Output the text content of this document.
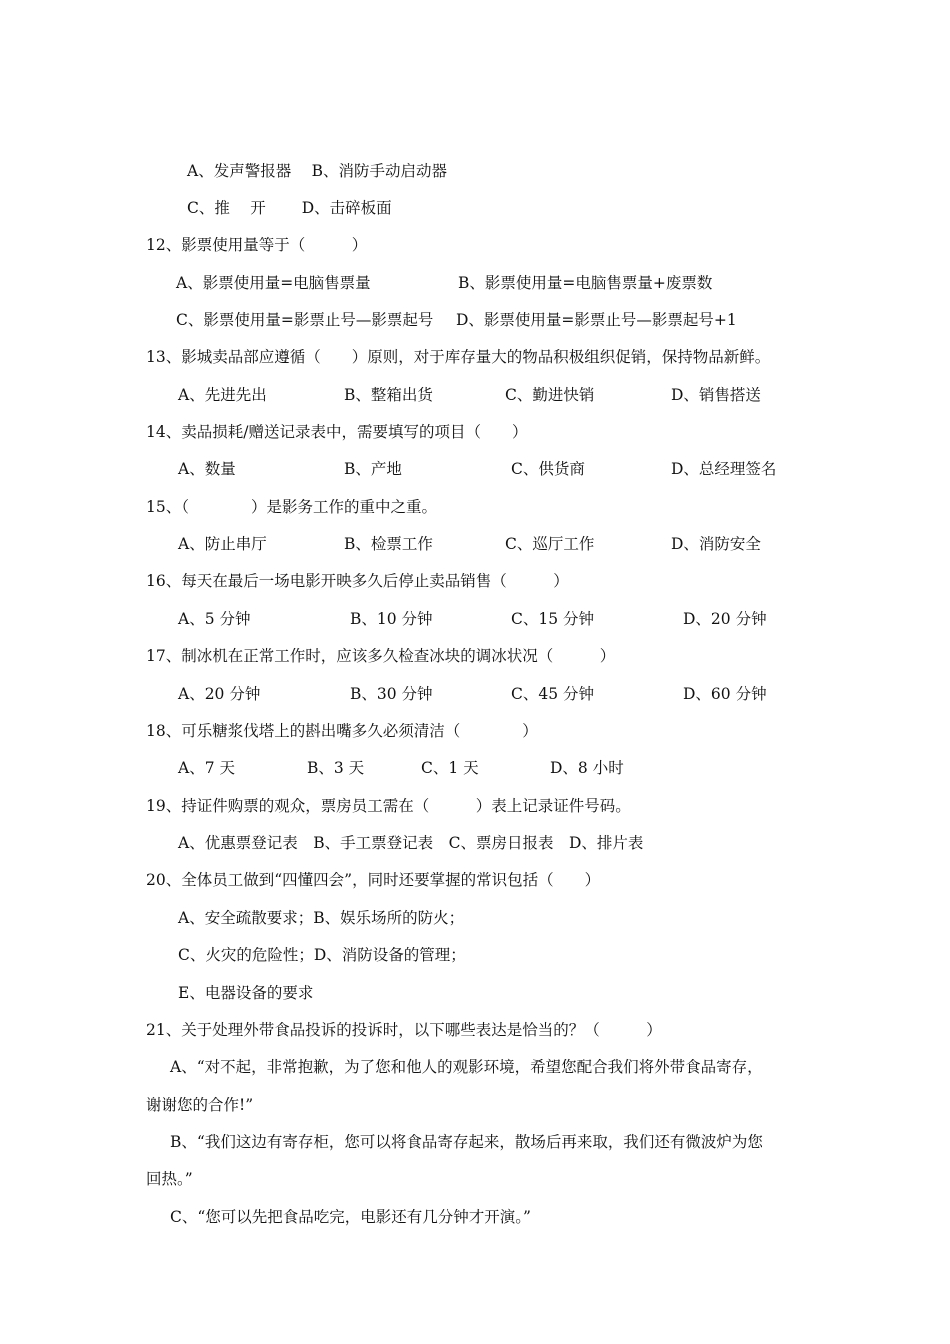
A、发声警报器　 B、消防手动启动器
C、推　 开　　 D、击碎板面
12、影票使用量等于（　　　）
A、影票使用量=电脑售票量	B、影票使用量=电脑售票量+废票数
C、影票使用量=影票止号—影票起号 D、影票使用量=影票止号—影票起号+1
13、影城卖品部应遵循（　　）原则，对于库存量大的物品积极组织促销，保持物品新鲜。
A、先进先出	B、整箱出货	C、勤进快销	D、销售搭送
14、卖品损耗/赠送记录表中，需要填写的项目（　　）
A、数量	B、产地	C、供货商	D、总经理签名
15、（　　　　）是影务工作的重中之重。
A、防止串厅	B、检票工作	C、巡厅工作	D、消防安全
16、每天在最后一场电影开映多久后停止卖品销售（　　　）
A、5 分钟	B、10 分钟	C、15 分钟	D、20 分钟
17、制冰机在正常工作时，应该多久检查冰块的调冰状况（　　　）
A、20 分钟	B、30 分钟	C、45 分钟	D、60 分钟
18、可乐糖浆伐塔上的斟出嘴多久必须清洁（　　　　）
A、7 天	B、3 天	C、1 天	D、8 小时
19、持证件购票的观众，票房员工需在（　　　）表上记录证件号码。
A、优惠票登记表　B、手工票登记表　C、票房日报表　D、排片表
20、全体员工做到“四懂四会”，同时还要掌握的常识包括（　　）
A、安全疏散要求；B、娱乐场所的防火；
C、火灾的危险性；D、消防设备的管理；
E、电器设备的要求
21、关于处理外带食品投诉的投诉时，以下哪些表达是恰当的？（　　　）
A、“对不起，非常抱歉，为了您和他人的观影环境，希望您配合我们将外带食品寄存，
谢谢您的合作!”
B、“我们这边有寄存柜，您可以将食品寄存起来，散场后再来取，我们还有微波炉为您
回热。”
C、“您可以先把食品吃完，电影还有几分钟才开演。”
